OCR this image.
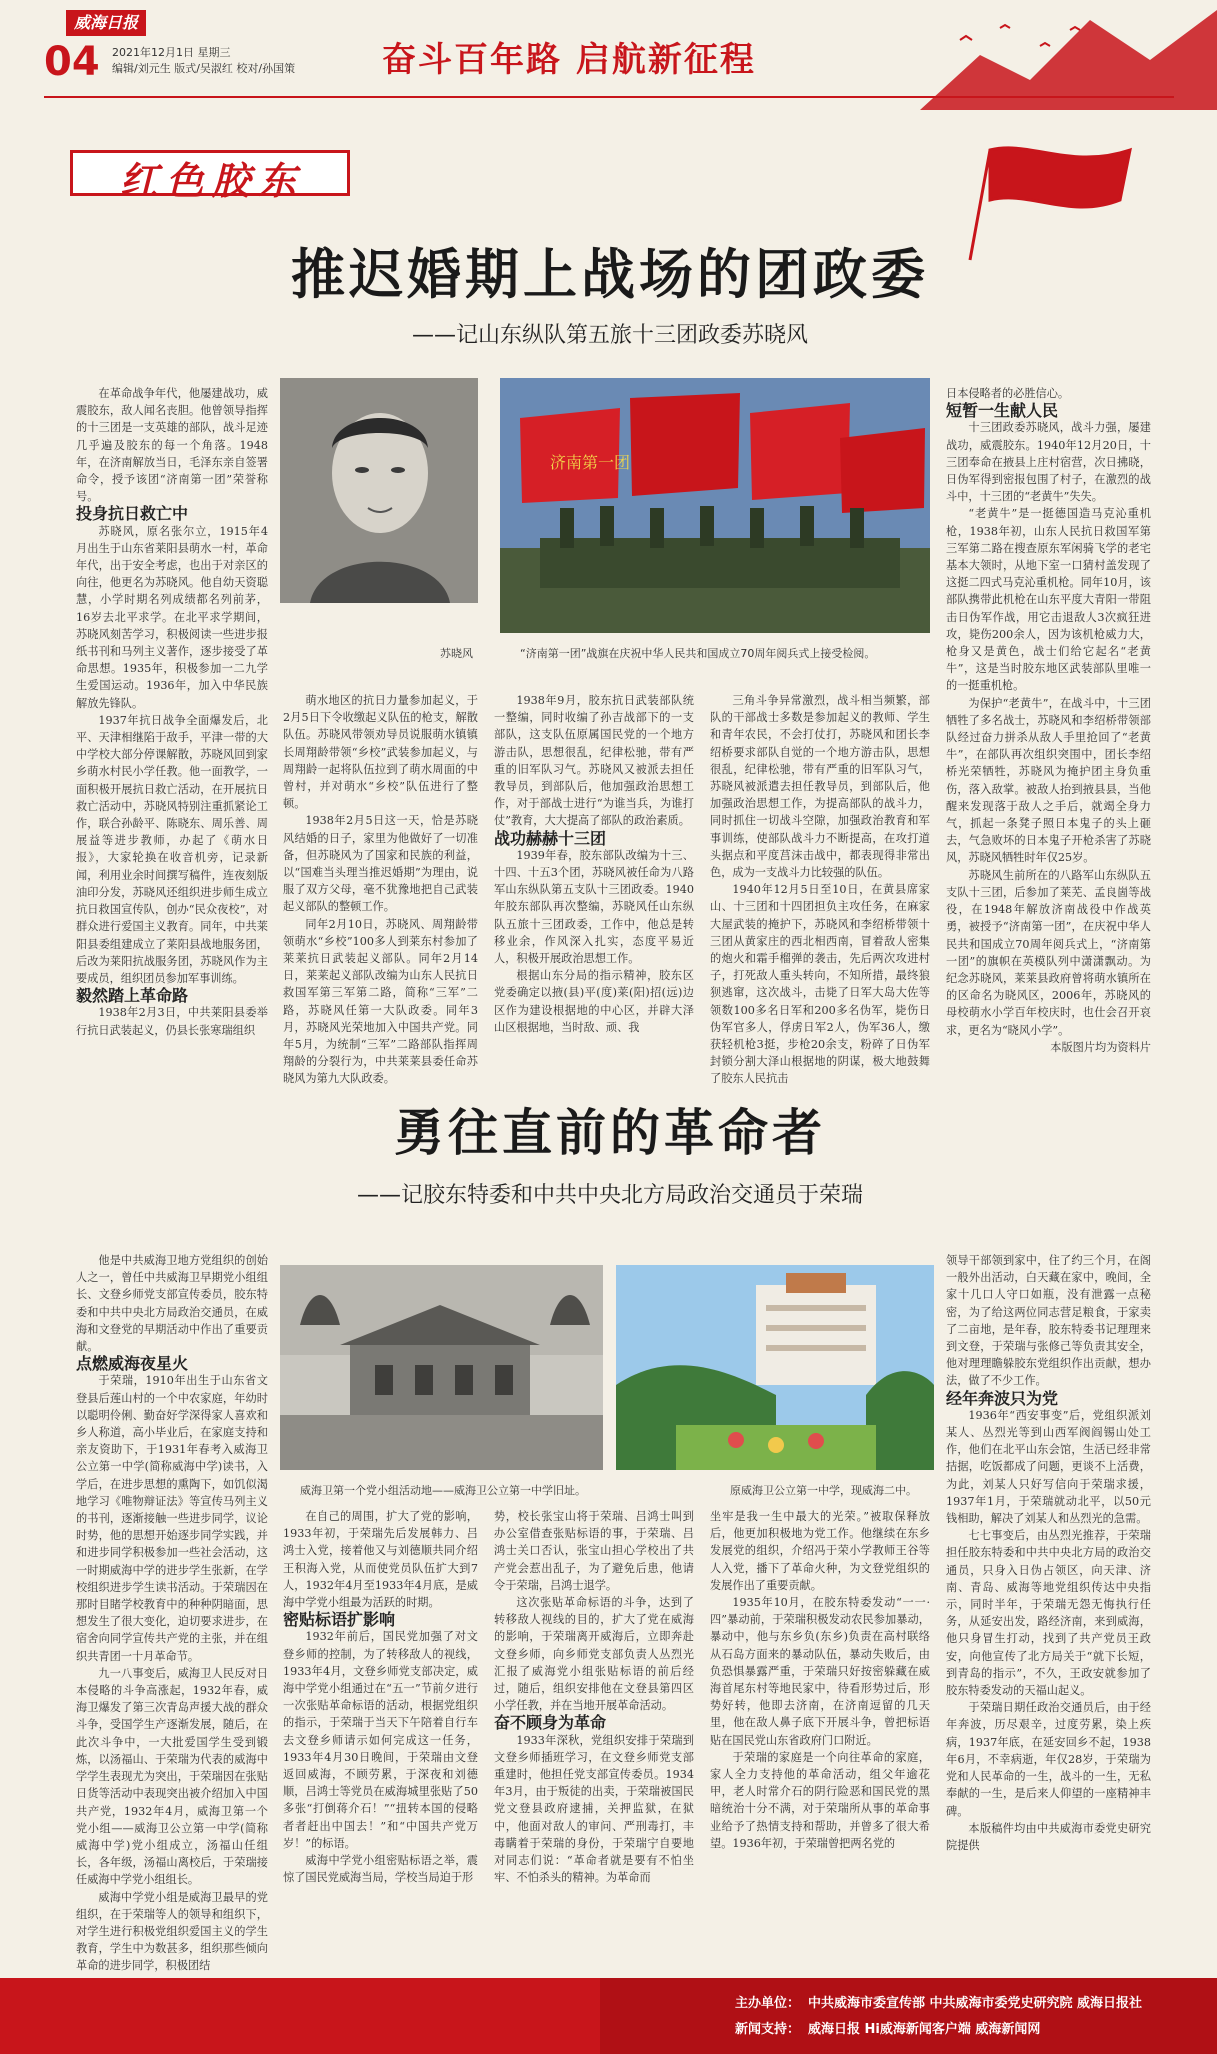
威海日报
04 2021年12月1日 星期三
编辑/刘元生 版式/吴淑红 校对/孙国策	奋斗百年路 启航新征程
红色胶东
推迟婚期上战场的团政委
——记山东纵队第五旅十三团政委苏晓风
苏晓风
济南第一团
“济南第一团”战旗在庆祝中华人民共和国成立70周年阅兵式上接受检阅。

在革命战争年代，他屡建战功，威震胶东，敌人闻名丧胆。他曾领导指挥的十三团是一支英雄的部队，战斗足迹几乎遍及胶东的每一个角落。1948年，在济南解放当日，毛泽东亲自签署命令，授予该团“济南第一团”荣誉称号。

投身抗日救亡中

苏晓风，原名张尔立，1915年4月出生于山东省莱阳县萌水一村，革命年代，出于安全考虑，也出于对亲区的向往，他更名为苏晓风。他自幼天资聪慧，小学时期名列成绩都名列前茅，16岁去北平求学。在北平求学期间，苏晓风刻苦学习，积极阅读一些进步报纸书刊和马列主义著作，逐步接受了革命思想。1935年，积极参加一二九学生爱国运动。1936年，加入中华民族解放先锋队。

1937年抗日战争全面爆发后，北平、天津相继陷于敌手，平津一带的大中学校大部分停课解散，苏晓风回到家乡萌水村民小学任教。他一面教学，一面积极开展抗日救亡活动，在开展抗日救亡活动中，苏晓风特别注重抓紧论工作，联合孙龄平、陈晓东、周乐善、周展益等进步教师，办起了《萌水日报》，大家轮换在收音机旁，记录新闻，利用业余时间撰写稿件，连夜刻版油印分发，苏晓风还组织进步师生成立抗日救国宣传队，创办“民众夜校”，对群众进行爱国主义教育。同年，中共莱阳县委组建成立了莱阳县战地服务团，后改为莱阳抗战服务团，苏晓风作为主要成员，组织团员参加军事训练。

毅然踏上革命路

1938年2月3日，中共莱阳县委举行抗日武装起义，仍县长张寒瑞组织

萌水地区的抗日力量参加起义，于2月5日下令收缴起义队伍的枪支，解散队伍。苏晓风带领劝导员说服萌水镇镇长周翔龄带领“乡校”武装参加起义，与周翔龄一起将队伍拉到了萌水周面的中曾村，并对萌水“乡校”队伍进行了整顿。

1938年2月5日这一天，恰是苏晓风结婚的日子，家里为他做好了一切准备，但苏晓风为了国家和民族的利益，以“国难当头理当推迟婚期”为理由，说服了双方父母，毫不犹豫地把自己武装起义部队的整顿工作。

同年2月10日，苏晓风、周翔龄带领萌水“乡校”100多人到莱东村参加了莱莱抗日武装起义部队。同年2月14日，莱莱起义部队改编为山东人民抗日救国军第三军第二路，简称“三军”二路，苏晓风任第一大队政委。同年3月，苏晓风光荣地加入中国共产党。同年5月，为统制“三军”二路部队指挥周翔龄的分裂行为，中共莱莱县委任命苏晓风为第九大队政委。

1938年9月，胶东抗日武装部队统一整编，同时收编了孙吉战部下的一支部队，这支队伍原属国民党的一个地方游击队，思想很乱，纪律松驰，带有严重的旧军队习气。苏晓风又被派去担任教导员，到部队后，他加强政治思想工作，对于部战士进行“为谁当兵，为谁打仗”教育，大大提高了部队的政治素质。

战功赫赫十三团

1939年春，胶东部队改编为十三、十四、十五3个团，苏晓风被任命为八路军山东纵队第五支队十三团政委。1940年胶东部队再次整编，苏晓风任山东纵队五旅十三团政委，工作中，他总是转移业余，作风深入扎实，态度平易近人，积极开展政治思想工作。

根据山东分局的指示精神，胶东区党委确定以掖(县)平(度)莱(阳)招(远)边区作为建设根据地的中心区，并辟大泽山区根据地，当时敌、顽、我

三角斗争异常激烈，战斗相当频繁，部队的干部战士多数是参加起义的教师、学生和青年农民，不会打仗打，苏晓风和团长李绍桥要求部队自觉的一个地方游击队，思想很乱，纪律松驰，带有严重的旧军队习气，苏晓风被派遣去担任教导员，到部队后，他加强政治思想工作，为提高部队的战斗力，同时抓住一切战斗空隙，加强政治教育和军事训练，使部队战斗力不断提高，在攻打道头据点和平度莒沫击战中，都表现得非常出色，成为一支战斗力比较强的队伍。

1940年12月5日至10日，在黄县席家山、十三团和十四团担负主攻任务，在麻家大屋武装的掩护下，苏晓风和李绍桥带领十三团从黄家庄的西北相西南，冒着敌人密集的炮火和霜手榴弹的袭击，先后两次攻进村子，打死敌人重头转向，不知所措，最终狼狈逃窜，这次战斗，击毙了日军大岛大佐等领数100多名日军和200多名伪军，毙伤日伪军官多人，俘虏日军2人，伪军36人，缴获轻机枪3挺，步枪20余支，粉碎了日伪军封锁分割大泽山根据地的阴谋，极大地鼓舞了胶东人民抗击

日本侵略者的必胜信心。

短暂一生献人民

十三团政委苏晓风，战斗力强，屡建战功，威震胶东。1940年12月20日，十三团奉命在掖县上庄村宿营，次日拂晓，日伪军得到密报包围了村子，在激烈的战斗中，十三团的“老黄牛”失失。

“老黄牛”是一挺德国造马克沁重机枪，1938年初，山东人民抗日救国军第三军第二路在搜查原东军闲骑飞学的老宅基本大领时，从地下室一口猜村盖发现了这挺二四式马克沁重机枪。同年10月，该部队携带此机枪在山东平度大青阳一带阻击日伪军作战，用它击退敌人3次疯狂进攻，毙伤200余人，因为该机枪威力大，枪身又是黄色，战士们给它起名“老黄牛”，这是当时胶东地区武装部队里唯一的一挺重机枪。

为保护“老黄牛”，在战斗中，十三团牺牲了多名战士，苏晓风和李绍桥带领部队经过奋力拼杀从敌人手里抢回了“老黄牛”，在部队再次组织突围中，团长李绍桥光荣牺牲，苏晓风为掩护团主身负重伤，落入敌掌。被敌人抬到掖县县，当他醒来发现落于敌人之手后，就竭全身力气，抓起一条凳子照日本鬼子的头上砸去，气急败坏的日本鬼子开枪杀害了苏晓风，苏晓风牺牲时年仅25岁。

苏晓风生前所在的八路军山东纵队五支队十三团，后参加了莱芜、孟良崮等战役，在1948年解放济南战役中作战英勇，被授予“济南第一团”，在庆祝中华人民共和国成立70周年阅兵式上，“济南第一团”的旗帜在英模队列中潇潇飘动。为纪念苏晓风，莱莱县政府曾将萌水镇所在的区命名为晓风区，2006年，苏晓风的母校萌水小学百年校庆时，也仕会召开哀求，更名为“晓风小学”。

本版图片均为资料片

勇往直前的革命者
——记胶东特委和中共中央北方局政治交通员于荣瑞
威海卫第一个党小组活动地——威海卫公立第一中学旧址。	原威海卫公立第一中学，现威海二中。

他是中共威海卫地方党组织的创始人之一，曾任中共威海卫早期党小组组长、文登乡师党支部宣传委员，胶东特委和中共中央北方局政治交通员，在威海和文登党的早期活动中作出了重要贡献。

点燃威海夜星火

于荣瑞，1910年出生于山东省文登县后莲山村的一个中农家庭，年幼时以聪明伶俐、勤奋好学深得家人喜欢和乡人称道，高小毕业后，在家庭支持和亲友资助下，于1931年春考入威海卫公立第一中学(简称威海中学)读书，入学后，在进步思想的熏陶下，如饥似渴地学习《唯物辩证法》等宣传马列主义的书刊，逐渐接触一些进步同学，议论时势，他的思想开始逐步同学实践，并和进步同学积极参加一些社会活动，这一时期威海中学的进步学生张新，在学校组织进步学生读书活动。于荣瑞因在那时目睹学校教育中的种种阴暗面，思想发生了很大变化，迫切要求进步，在宿舍向同学宣传共产党的主张，并在组织共青团一十月革命节。

九一八事变后，威海卫人民反对日本侵略的斗争高涨起，1932年春，威海卫爆发了第三次青岛声援大战的群众斗争，受国学生产逐渐发展，随后，在此次斗争中，一大批爱国学生受到锻炼，以汤福山、于荣瑞为代表的威海中学学生表现尤为突出，于荣瑞因在张贴日货等活动中表现突出被介绍加入中国共产党，1932年4月，威海卫第一个党小组——威海卫公立第一中学(简称威海中学)党小组成立，汤福山任组长，各年级，汤福山离校后，于荣瑞接任威海中学党小组组长。

威海中学党小组是威海卫最早的党组织，在于荣瑞等人的领导和组织下，对学生进行积极党组织爱国主义的学生教育，学生中为数甚多，组织那些倾向革命的进步同学，积极团结

在自己的周围，扩大了党的影响，1933年初，于荣瑞先后发展韩力、吕鸿士入党，接着他又与刘德顺共同介绍王积海入党，从而使党员队伍扩大到7人，1932年4月至1933年4月底，是威海中学党小组最为活跃的时期。

密贴标语扩影响

1932年前后，国民党加强了对文登乡师的控制，为了转移敌人的视线，1933年4月，文登乡师党支部决定，威海中学党小组通过在“五一”节前夕进行一次张贴革命标语的活动，根据党组织的指示，于荣瑞于当天下午陪着自行车去文登乡师请示如何完成这一任务，1933年4月30日晚间，于荣瑞由文登返回威海，不顾劳累，于深夜和刘德顺，吕鸿士等党员在威海城里张贴了50多张“打倒蒋介石！”“扭转本国的侵略者者赶出中国去！”和“中国共产党万岁！”的标语。

威海中学党小组密贴标语之举，震惊了国民党威海当局，学校当局迫于形

势，校长张宝山将于荣瑞、吕鸿士叫到办公室借查张贴标语的事，于荣瑞、吕鸿士关口否认，张宝山担心学校出了共产党会惹出乱子，为了避免后患，他请令于荣瑞，吕鸿士退学。

这次张贴革命标语的斗争，达到了转移敌人视线的目的，扩大了党在威海的影响，于荣瑞离开威海后，立即奔赴文登乡师，向乡师党支部负责人丛烈光汇报了威海党小组张贴标语的前后经过，随后，组织安排他在文登县第四区小学任教，并在当地开展革命活动。

奋不顾身为革命

1933年深秋，党组织安排于荣瑞到文登乡师插班学习，在文登乡师党支部重建时，他担任党支部宣传委员。1934年3月，由于叛徒的出卖，于荣瑞被国民党文登县政府逮捕，关押监狱，在狱中，他面对敌人的审问、严刑毒打，丰毒瞒着于荣瑞的身份，于荣瑞宁自要地对同志们说：“革命者就是要有不怕坐牢、不怕杀头的精神。为革命而

坐牢是我一生中最大的光荣。”被取保释放后，他更加积极地为党工作。他继续在东乡发展党的组织，介绍冯于荣小学教师王谷等人入党，播下了革命火种，为文登党组织的发展作出了重要贡献。

1935年10月，在胶东特委发动“一一·四”暴动前，于荣瑞积极发动农民参加暴动，暴动中，他与东乡负(东乡)负责在高村联络从石岛方面来的暴动队伍，暴动失败后，由负恐惧暴露严重，于荣瑞只好按密躲藏在威海首尾东村等地民家中，待看形势过后，形势好转，他即去济南，在济南逗留的几天里，他在敌人鼻子底下开展斗争，曾把标语贴在国民党山东省政府门口附近。

于荣瑞的家庭是一个向往革命的家庭，家人全力支持他的革命活动，组父年逾花甲，老人时常介石的阴行险恶和国民党的黑暗统治十分不满，对于荣瑞所从事的革命事业给予了热情支持和帮助，并曾多了很大希望。1936年初，于荣瑞曾把两名党的

领导干部领到家中，住了约三个月，在阁一般外出活动，白天藏在家中，晚间，全家十几口人守口如瓶，没有泄露一点秘密，为了给这两位同志营足粮食，于家卖了二亩地，是年春，胶东特委书记理理来到文登，于荣瑞与张修己等负责其安全，他对理理瞻躲胶东党组织作出贡献，想办法，做了不少工作。

经年奔波只为党

1936年“西安事变”后，党组织派刘某人、丛烈光等到山西军阀阎锡山处工作，他们在北平山东会馆，生活已经非常拮据，吃饭都成了问题，更谈不上活费，为此，刘某人只好写信向于荣瑞求援，1937年1月，于荣瑞就动北平，以50元钱相助，解决了刘某人和丛烈光的急需。

七七事变后，由丛烈光推荐，于荣瑞担任胶东特委和中共中央北方局的政治交通员，只身入日伪占领区，向天津、济南、青岛、威海等地党组织传达中央指示，同时半年，于荣瑞无怨无悔执行任务，从延安出发，路经济南，来到威海，他只身冒生打动，找到了共产党员王政安，向他宣传了北方局关于“就下长短，到青岛的指示”，不久，王政安就参加了胶东特委发动的天福山起义。

于荣瑞日期任政治交通员后，由于经年奔波，历尽艰辛，过度劳累，染上疾病，1937年底，在延安回乡不起，1938年6月，不幸病逝，年仅28岁，于荣瑞为党和人民革命的一生，战斗的一生，无私奉献的一生，是后来人仰望的一座精神丰碑。

本版稿件均由中共威海市委党史研究院提供

主办单位： 中共威海市委宣传部 中共威海市委党史研究院 威海日报社
新闻支持： 威海日报 Hi威海新闻客户端 威海新闻网
